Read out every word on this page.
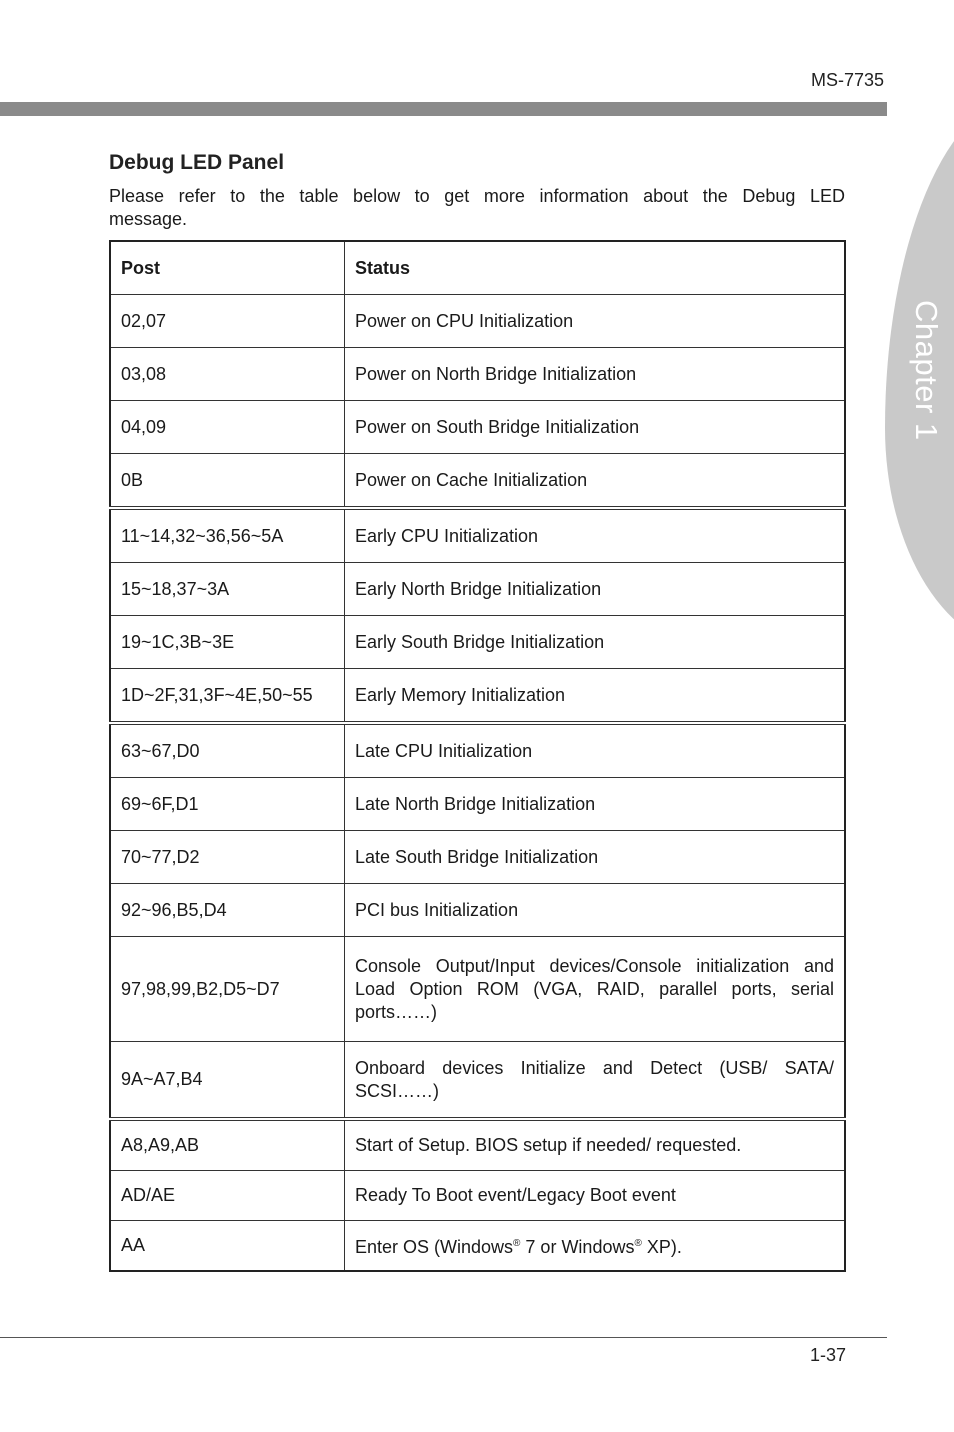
MS-7735
Chapter 1
Debug LED Panel
Please refer to the table below to get more information about the Debug LED
message.
Post	Status
02,07	Power on CPU Initialization
03,08	Power on North Bridge Initialization
04,09	Power on South Bridge Initialization
0B	Power on Cache Initialization
11~14,32~36,56~5A	Early CPU Initialization
15~18,37~3A	Early North Bridge Initialization
19~1C,3B~3E	Early South Bridge Initialization
1D~2F,31,3F~4E,50~55	Early Memory Initialization
63~67,D0	Late CPU Initialization
69~6F,D1	Late North Bridge Initialization
70~77,D2	Late South Bridge Initialization
92~96,B5,D4	PCI bus Initialization
97,98,99,B2,D5~D7	Console Output/Input devices/Console initialization and Load Option ROM (VGA, RAID, parallel ports, serial ports……)
9A~A7,B4	Onboard devices Initialize and Detect (USB/ SATA/ SCSI……)
A8,A9,AB	Start of Setup. BIOS setup if needed/ requested.
AD/AE	Ready To Boot event/Legacy Boot event
AA	Enter OS (Windows® 7 or Windows® XP).
1-37
